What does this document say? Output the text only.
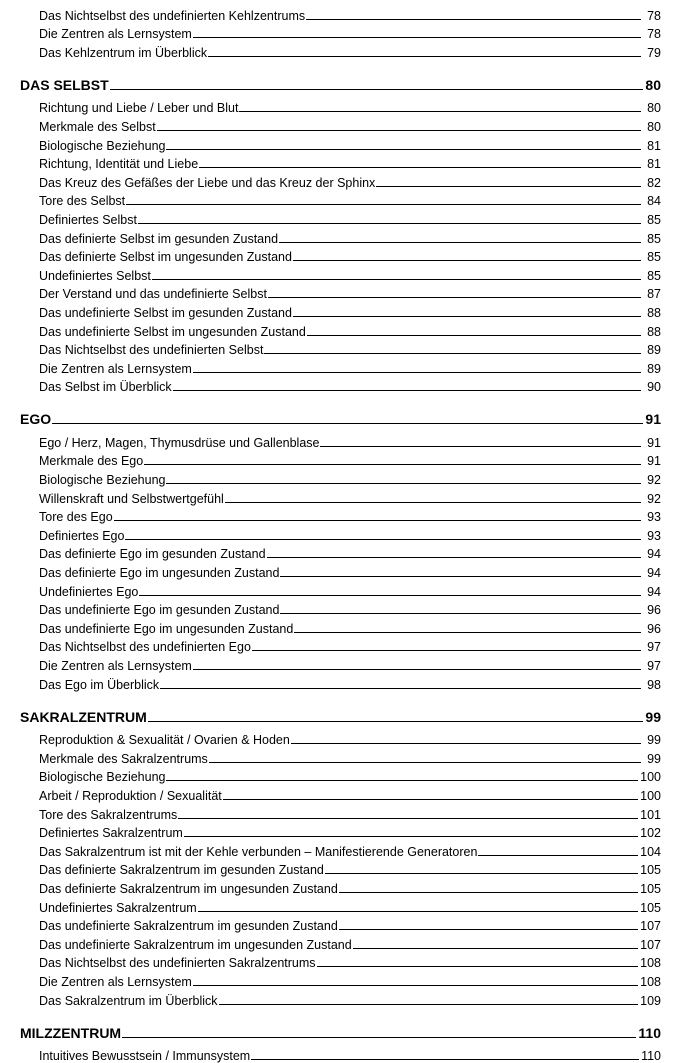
Das Nichtselbst des undefinierten Kehlzentrums	78
Die Zentren als Lernsystem	78
Das Kehlzentrum im Überblick	79
DAS SELBST	80
Richtung und Liebe / Leber und Blut	80
Merkmale des Selbst	80
Biologische Beziehung	81
Richtung, Identität und Liebe	81
Das Kreuz des Gefäßes der Liebe und das Kreuz der Sphinx	82
Tore des Selbst	84
Definiertes Selbst	85
Das definierte Selbst im gesunden Zustand	85
Das definierte Selbst im ungesunden Zustand	85
Undefiniertes Selbst	85
Der Verstand und das undefinierte Selbst	87
Das undefinierte Selbst im gesunden Zustand	88
Das undefinierte Selbst im ungesunden Zustand	88
Das Nichtselbst des undefinierten Selbst	89
Die Zentren als Lernsystem	89
Das Selbst im Überblick	90
EGO	91
Ego / Herz, Magen, Thymusdrüse und Gallenblase	91
Merkmale des Ego	91
Biologische Beziehung	92
Willenskraft und Selbstwertgefühl	92
Tore des Ego	93
Definiertes Ego	93
Das definierte Ego im gesunden Zustand	94
Das definierte Ego im ungesunden Zustand	94
Undefiniertes Ego	94
Das undefinierte Ego im gesunden Zustand	96
Das undefinierte Ego im ungesunden Zustand	96
Das Nichtselbst des undefinierten Ego	97
Die Zentren als Lernsystem	97
Das Ego im Überblick	98
SAKRALZENTRUM	99
Reproduktion & Sexualität / Ovarien & Hoden	99
Merkmale des Sakralzentrums	99
Biologische Beziehung	100
Arbeit / Reproduktion / Sexualität	100
Tore des Sakralzentrums	101
Definiertes Sakralzentrum	102
Das Sakralzentrum ist mit der Kehle verbunden – Manifestierende Generatoren	104
Das definierte Sakralzentrum im gesunden Zustand	105
Das definierte Sakralzentrum im ungesunden Zustand	105
Undefiniertes Sakralzentrum	105
Das undefinierte Sakralzentrum im gesunden Zustand	107
Das undefinierte Sakralzentrum im ungesunden Zustand	107
Das Nichtselbst des undefinierten Sakralzentrums	108
Die Zentren als Lernsystem	108
Das Sakralzentrum im Überblick	109
MILZZENTRUM	110
Intuitives Bewusstsein / Immunsystem	110
